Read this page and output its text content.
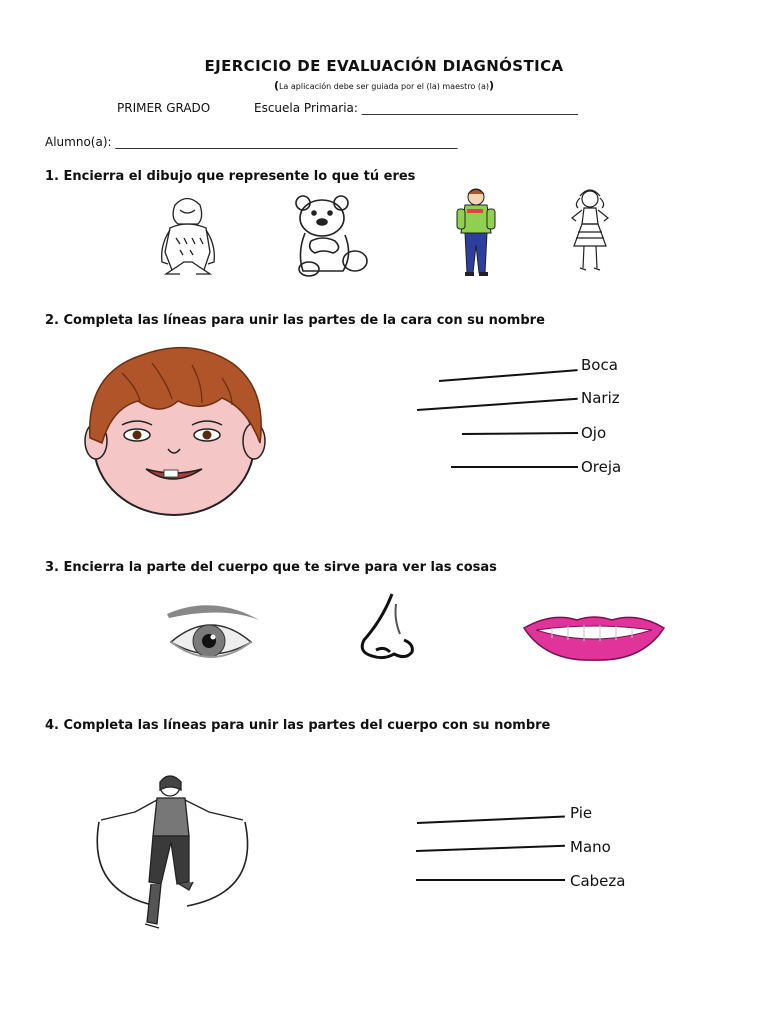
EJERCICIO DE EVALUACIÓN DIAGNÓSTICA
(La aplicación debe ser guiada por el (la) maestro (a))
PRIMER GRADO	Escuela Primaria: ____________________________________
Alumno(a): _________________________________________________________
1. Encierra el dibujo que represente lo que tú eres
2. Completa las líneas para unir las partes de la cara con su nombre
Boca
Nariz
Ojo
Oreja
3. Encierra la parte del cuerpo que te sirve para ver las cosas
4. Completa las líneas para unir las partes del cuerpo con su nombre
Pie
Mano
Cabeza
